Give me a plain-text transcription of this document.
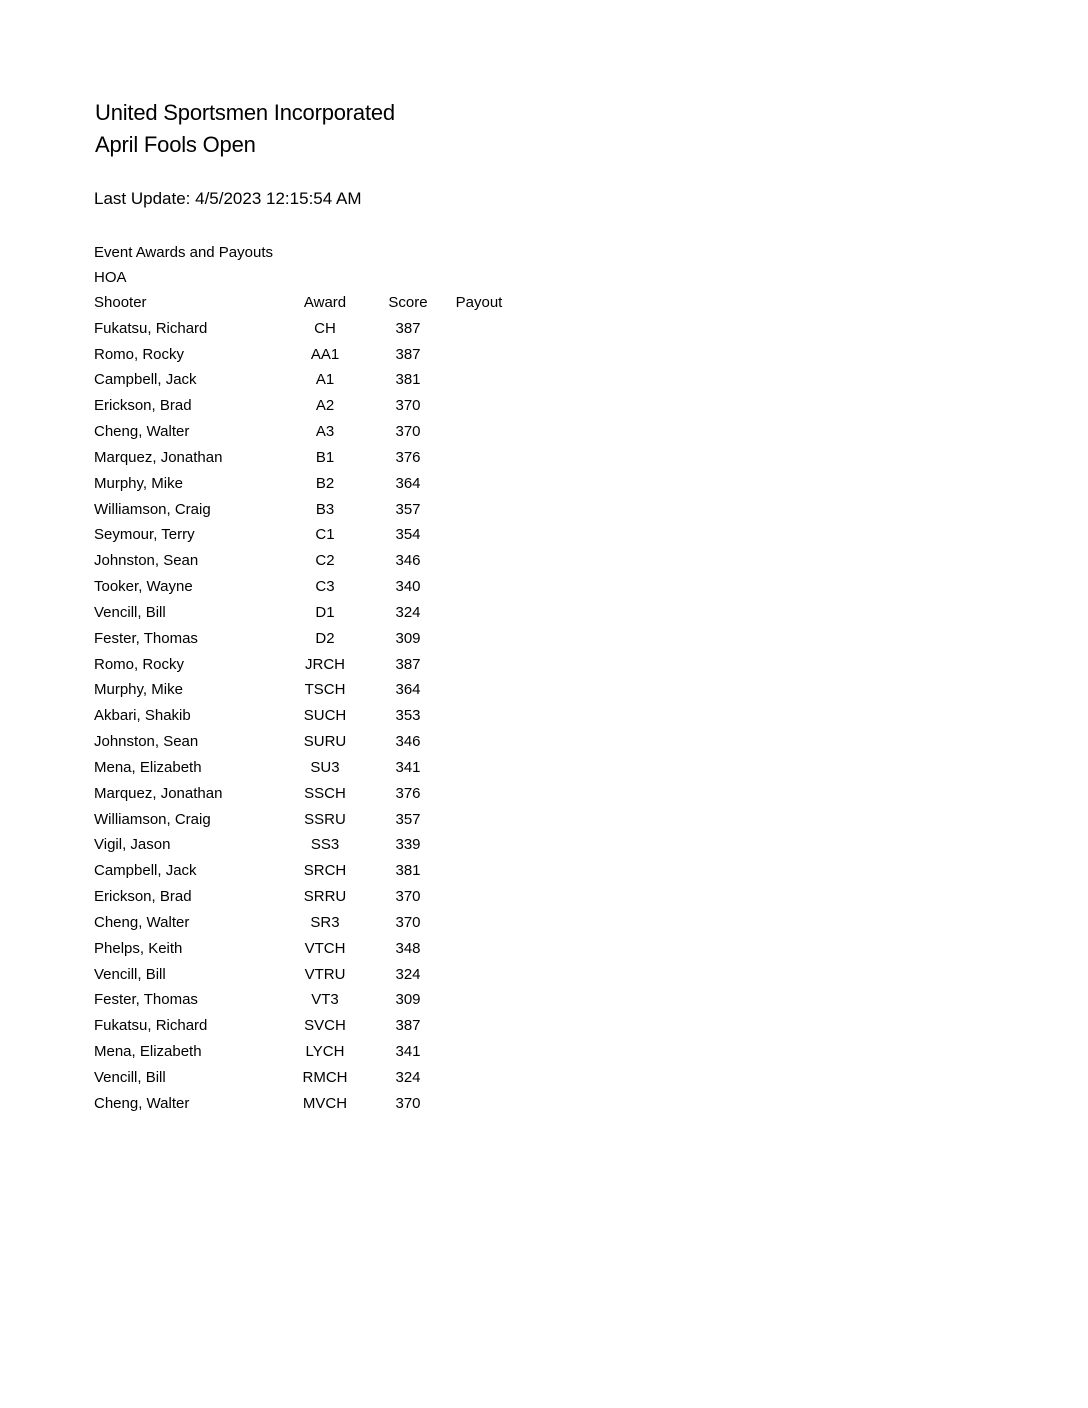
United Sportsmen Incorporated
April Fools Open
Last Update: 4/5/2023 12:15:54 AM
Event Awards and Payouts
HOA
Shooter	Award	Score	Payout
Fukatsu, Richard	CH	387
Romo, Rocky	AA1	387
Campbell, Jack	A1	381
Erickson, Brad	A2	370
Cheng, Walter	A3	370
Marquez, Jonathan	B1	376
Murphy, Mike	B2	364
Williamson, Craig	B3	357
Seymour, Terry	C1	354
Johnston, Sean	C2	346
Tooker, Wayne	C3	340
Vencill, Bill	D1	324
Fester, Thomas	D2	309
Romo, Rocky	JRCH	387
Murphy, Mike	TSCH	364
Akbari, Shakib	SUCH	353
Johnston, Sean	SURU	346
Mena, Elizabeth	SU3	341
Marquez, Jonathan	SSCH	376
Williamson, Craig	SSRU	357
Vigil, Jason	SS3	339
Campbell, Jack	SRCH	381
Erickson, Brad	SRRU	370
Cheng, Walter	SR3	370
Phelps, Keith	VTCH	348
Vencill, Bill	VTRU	324
Fester, Thomas	VT3	309
Fukatsu, Richard	SVCH	387
Mena, Elizabeth	LYCH	341
Vencill, Bill	RMCH	324
Cheng, Walter	MVCH	370
